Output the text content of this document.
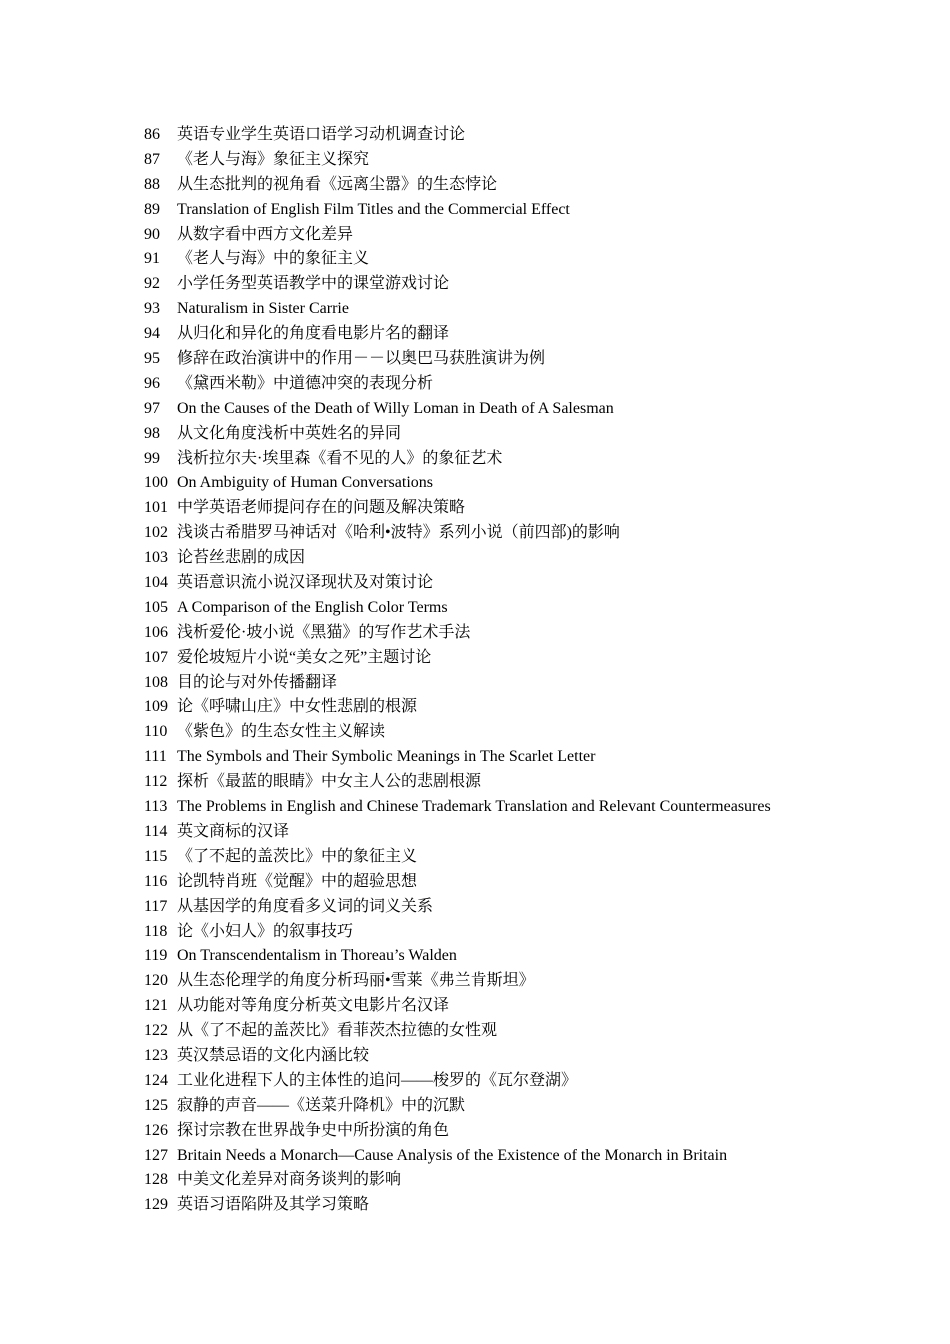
86	英语专业学生英语口语学习动机调查讨论
87	《老人与海》象征主义探究
88	从生态批判的视角看《远离尘嚣》的生态悖论
89	Translation of English Film Titles and the Commercial Effect
90	从数字看中西方文化差异
91	《老人与海》中的象征主义
92	小学任务型英语教学中的课堂游戏讨论
93	Naturalism in Sister Carrie
94	从归化和异化的角度看电影片名的翻译
95	修辞在政治演讲中的作用－－以奥巴马获胜演讲为例
96	《黛西米勒》中道德冲突的表现分析
97	On the Causes of the Death of Willy Loman in Death of A Salesman
98	从文化角度浅析中英姓名的异同
99	浅析拉尔夫·埃里森《看不见的人》的象征艺术
100 On Ambiguity of Human Conversations
101 中学英语老师提问存在的问题及解决策略
102 浅谈古希腊罗马神话对《哈利•波特》系列小说（前四部)的影响
103 论苔丝悲剧的成因
104 英语意识流小说汉译现状及对策讨论
105 A Comparison of the English Color Terms
106 浅析爱伦·坡小说《黑猫》的写作艺术手法
107 爱伦坡短片小说“美女之死”主题讨论
108 目的论与对外传播翻译
109 论《呼啸山庄》中女性悲剧的根源
110 《紫色》的生态女性主义解读
111 The Symbols and Their Symbolic Meanings in The Scarlet Letter
112 探析《最蓝的眼睛》中女主人公的悲剧根源
113 The Problems in English and Chinese Trademark Translation and Relevant Countermeasures
114 英文商标的汉译
115 《了不起的盖茨比》中的象征主义
116 论凯特肖班《觉醒》中的超验思想
117 从基因学的角度看多义词的词义关系
118 论《小妇人》的叙事技巧
119 On Transcendentalism in Thoreau’s Walden
120 从生态伦理学的角度分析玛丽•雪莱《弗兰肯斯坦》
121 从功能对等角度分析英文电影片名汉译
122 从《了不起的盖茨比》看菲茨杰拉德的女性观
123 英汉禁忌语的文化内涵比较
124 工业化进程下人的主体性的追问——梭罗的《瓦尔登湖》
125 寂静的声音——《送菜升降机》中的沉默
126 探讨宗教在世界战争史中所扮演的角色
127 Britain Needs a Monarch—Cause Analysis of the Existence of the Monarch in Britain
128 中美文化差异对商务谈判的影响
129 英语习语陷阱及其学习策略
